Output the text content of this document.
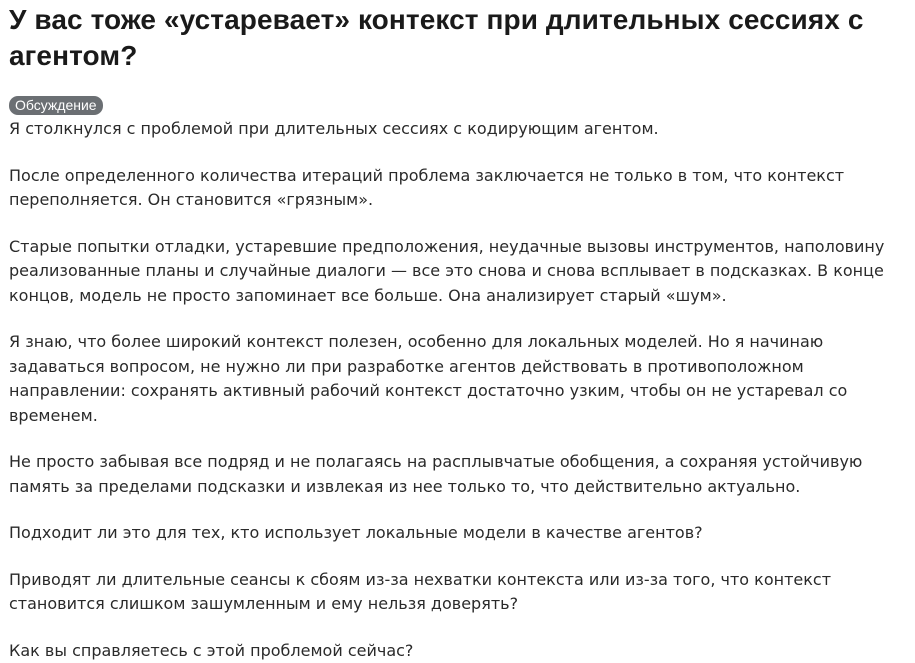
У вас тоже «устаревает» контекст при длительных сессиях с агентом?
Обсуждение

Я столкнулся с проблемой при длительных сессиях с кодирующим агентом.

После определенного количества итераций проблема заключается не только в том, что контекст переполняется. Он становится «грязным».

Старые попытки отладки, устаревшие предположения, неудачные вызовы инструментов, наполовину реализованные планы и случайные диалоги — все это снова и снова всплывает в подсказках. В конце концов, модель не просто запоминает все больше. Она анализирует старый «шум».

Я знаю, что более широкий контекст полезен, особенно для локальных моделей. Но я начинаю задаваться вопросом, не нужно ли при разработке агентов действовать в противоположном направлении: сохранять активный рабочий контекст достаточно узким, чтобы он не устаревал со временем.

Не просто забывая все подряд и не полагаясь на расплывчатые обобщения, а сохраняя устойчивую память за пределами подсказки и извлекая из нее только то, что действительно актуально.

Подходит ли это для тех, кто использует локальные модели в качестве агентов?

Приводят ли длительные сеансы к сбоям из-за нехватки контекста или из-за того, что контекст становится слишком зашумленным и ему нельзя доверять?

Как вы справляетесь с этой проблемой сейчас?
